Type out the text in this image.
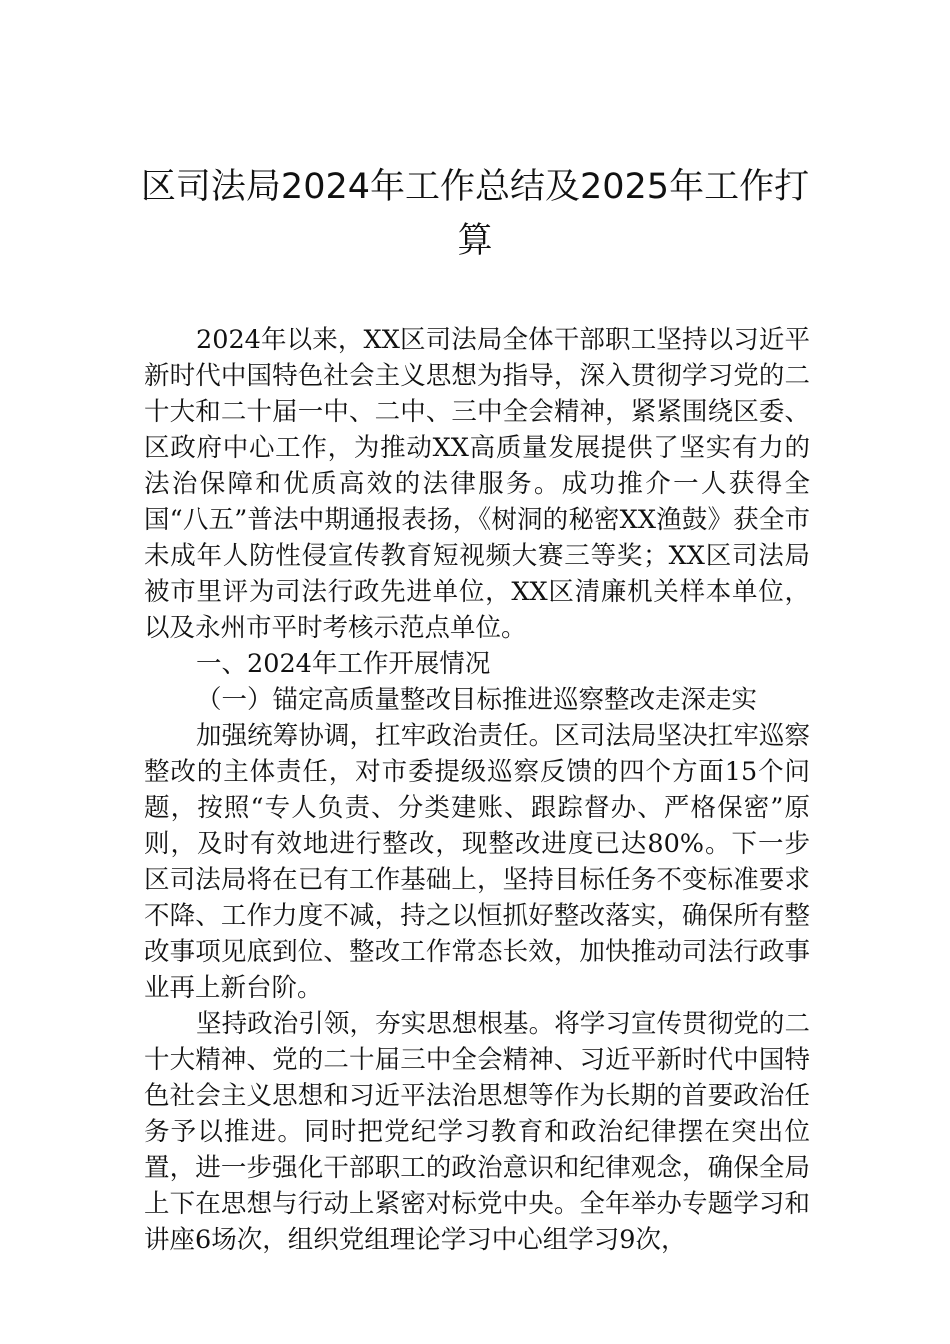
区司法局2024年工作总结及2025年工作打算

2024年以来，XX区司法局全体干部职工坚持以习近平新时代中国特色社会主义思想为指导，深入贯彻学习党的二十大和二十届一中、二中、三中全会精神，紧紧围绕区委、区政府中心工作，为推动XX高质量发展提供了坚实有力的法治保障和优质高效的法律服务。成功推介一人获得全国“八五”普法中期通报表扬，《树洞的秘密XX渔鼓》获全市未成年人防性侵宣传教育短视频大赛三等奖；XX区司法局被市里评为司法行政先进单位，XX区清廉机关样本单位，以及永州市平时考核示范点单位。

一、2024年工作开展情况

（一）锚定高质量整改目标推进巡察整改走深走实

加强统筹协调，扛牢政治责任。区司法局坚决扛牢巡察整改的主体责任，对市委提级巡察反馈的四个方面15个问题，按照“专人负责、分类建账、跟踪督办、严格保密”原则，及时有效地进行整改，现整改进度已达80%。下一步区司法局将在已有工作基础上，坚持目标任务不变标准要求不降、工作力度不减，持之以恒抓好整改落实，确保所有整改事项见底到位、整改工作常态长效，加快推动司法行政事业再上新台阶。

坚持政治引领，夯实思想根基。将学习宣传贯彻党的二十大精神、党的二十届三中全会精神、习近平新时代中国特色社会主义思想和习近平法治思想等作为长期的首要政治任务予以推进。同时把党纪学习教育和政治纪律摆在突出位置，进一步强化干部职工的政治意识和纪律观念，确保全局上下在思想与行动上紧密对标党中央。全年举办专题学习和讲座6场次，组织党组理论学习中心组学习9次，
